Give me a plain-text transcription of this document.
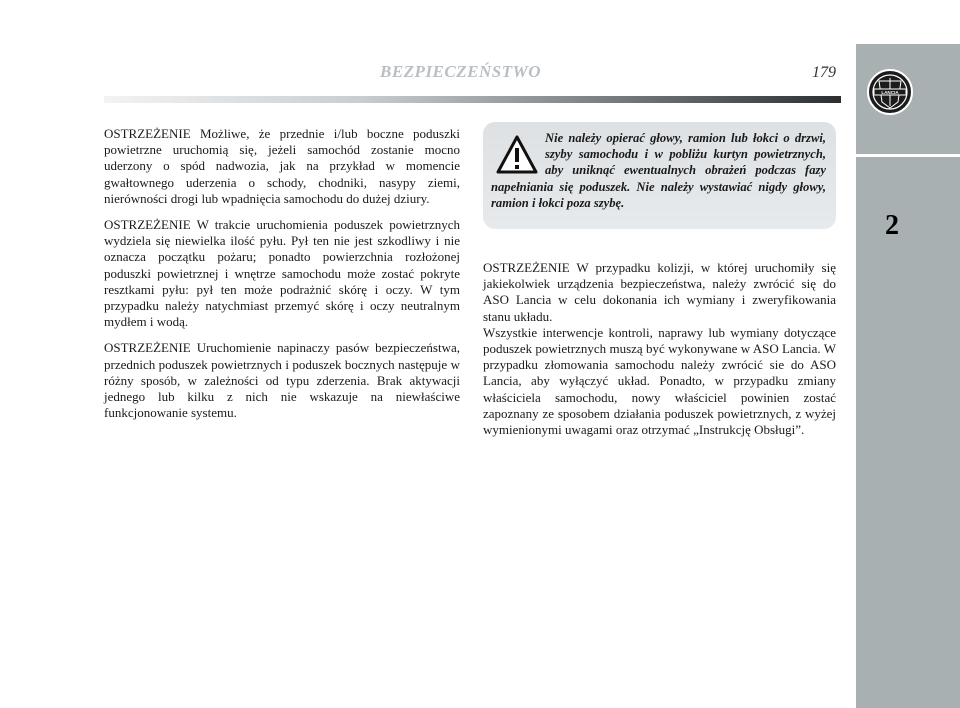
BEZPIECZEŃSTWO	179
LANCIA
2

OSTRZEŻENIE Możliwe, że przednie i/lub boczne poduszki powietrzne uruchomią się, jeżeli samochód zostanie mocno uderzony o spód nadwozia, jak na przykład w momencie gwałtownego uderzenia o schody, chodniki, nasypy ziemi, nierówności drogi lub wpadnięcia samochodu do dużej dziury.

OSTRZEŻENIE W trakcie uruchomienia poduszek powietrznych wydziela się niewielka ilość pyłu. Pył ten nie jest szkodliwy i nie oznacza początku pożaru; ponadto powierzchnia rozłożonej poduszki powietrznej i wnętrze samochodu może zostać pokryte resztkami pyłu: pył ten może podrażnić skórę i oczy. W tym przypadku należy natychmiast przemyć skórę i oczy neutralnym mydłem i wodą.

OSTRZEŻENIE Uruchomienie napinaczy pasów bezpieczeństwa, przednich poduszek powietrznych i poduszek bocznych następuje w różny sposób, w zależności od typu zderzenia. Brak aktywacji jednego lub kilku z nich nie wskazuje na niewłaściwe funkcjonowanie systemu.

Nie należy opierać głowy, ramion lub łokci o drzwi, szyby samochodu i w pobliżu kurtyn powietrznych, aby uniknąć ewentualnych obrażeń podczas fazy napełniania się poduszek. Nie należy wystawiać nigdy głowy, ramion i łokci poza szybę.

OSTRZEŻENIE W przypadku kolizji, w której uruchomiły się jakiekolwiek urządzenia bezpieczeństwa, należy zwrócić się do ASO Lancia w celu dokonania ich wymiany i zweryfikowania stanu układu.

Wszystkie interwencje kontroli, naprawy lub wymiany dotyczące poduszek powietrznych muszą być wykonywane w ASO Lancia. W przypadku złomowania samochodu należy zwrócić sie do ASO Lancia, aby wyłączyć układ. Ponadto, w przypadku zmiany właściciela samochodu, nowy właściciel powinien zostać zapoznany ze sposobem działania poduszek powietrznych, z wyżej wymienionymi uwagami oraz otrzymać „Instrukcję Obsługi”.
